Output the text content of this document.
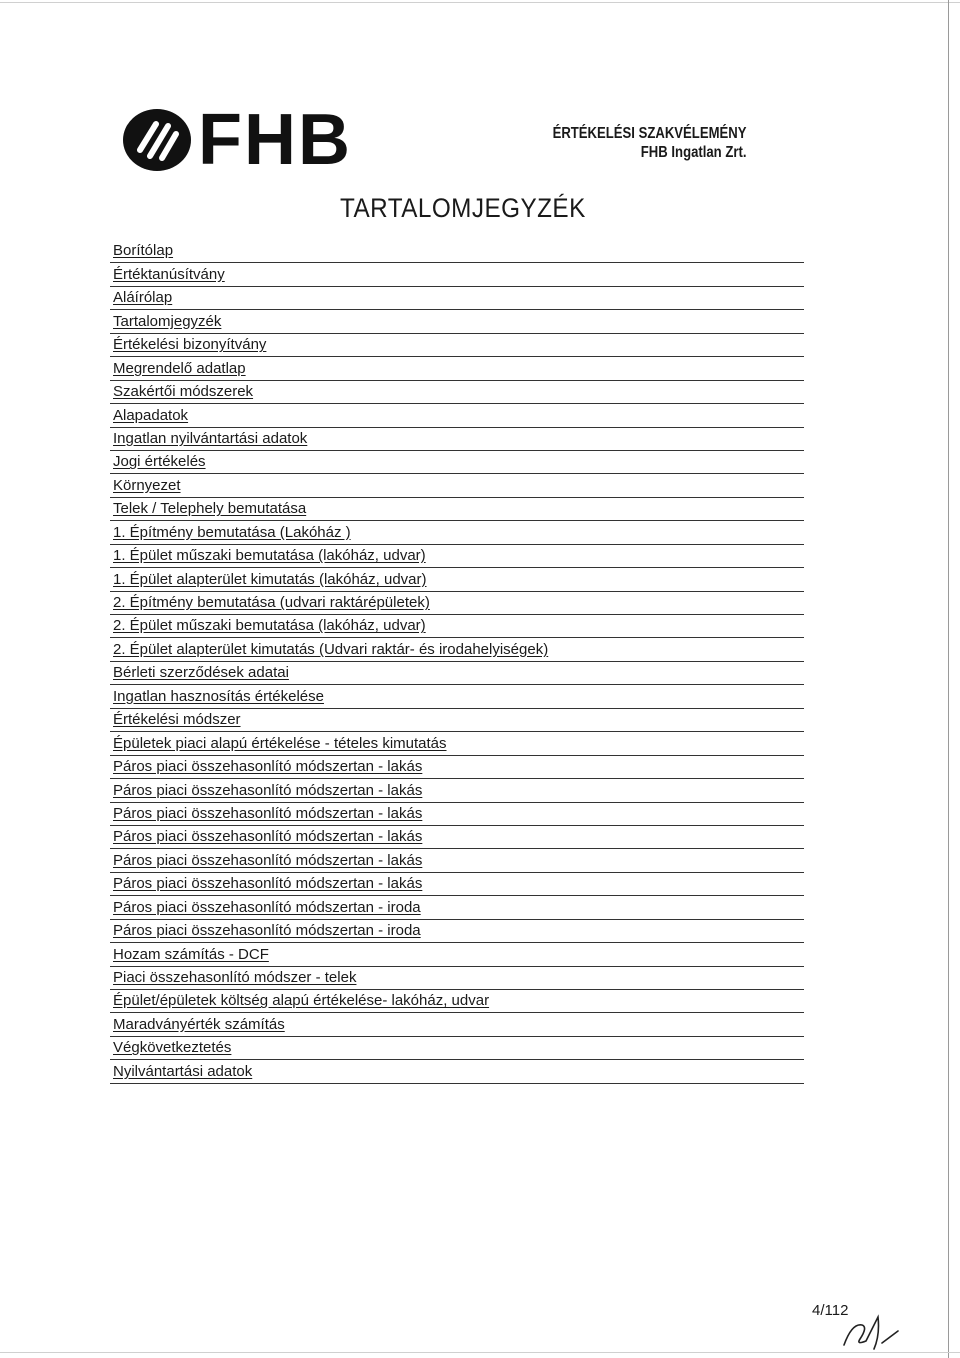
FHB	ÉRTÉKELÉSI SZAKVÉLEMÉNY
FHB Ingatlan Zrt.
TARTALOMJEGYZÉK
Borítólap
Értéktanúsítvány
Aláírólap
Tartalomjegyzék
Értékelési bizonyítvány
Megrendelő adatlap
Szakértői módszerek
Alapadatok
Ingatlan nyilvántartási adatok
Jogi értékelés
Környezet
Telek / Telephely bemutatása
1. Építmény bemutatása (Lakóház )
1. Épület műszaki bemutatása (lakóház, udvar)
1. Épület alapterület kimutatás (lakóház, udvar)
2. Építmény bemutatása (udvari raktárépületek)
2. Épület műszaki bemutatása (lakóház, udvar)
2. Épület alapterület kimutatás (Udvari raktár- és irodahelyiségek)
Bérleti szerződések adatai
Ingatlan hasznosítás értékelése
Értékelési módszer
Épületek piaci alapú értékelése - tételes kimutatás
Páros piaci összehasonlító módszertan - lakás
Páros piaci összehasonlító módszertan - lakás
Páros piaci összehasonlító módszertan - lakás
Páros piaci összehasonlító módszertan - lakás
Páros piaci összehasonlító módszertan - lakás
Páros piaci összehasonlító módszertan - lakás
Páros piaci összehasonlító módszertan - iroda
Páros piaci összehasonlító módszertan - iroda
Hozam számítás - DCF
Piaci összehasonlító módszer - telek
Épület/épületek költség alapú értékelése- lakóház, udvar
Maradványérték számítás
Végkövetkeztetés
Nyilvántartási adatok
4/112
